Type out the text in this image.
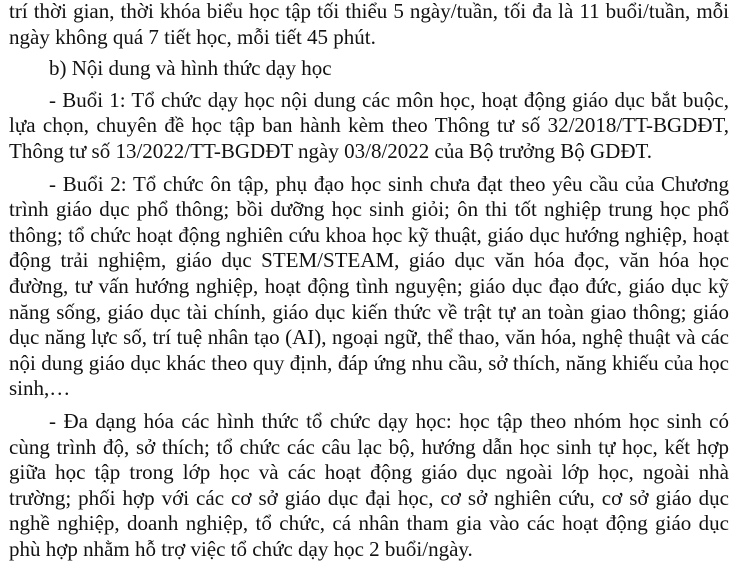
trí thời gian, thời khóa biểu học tập tối thiểu 5 ngày/tuần, tối đa là 11 buổi/tuần, mỗi ngày không quá 7 tiết học, mỗi tiết 45 phút.

b) Nội dung và hình thức dạy học

- Buổi 1: Tổ chức dạy học nội dung các môn học, hoạt động giáo dục bắt buộc, lựa chọn, chuyên đề học tập ban hành kèm theo Thông tư số 32/2018/TT-BGDĐT, Thông tư số 13/2022/TT-BGDĐT ngày 03/8/2022 của Bộ trưởng Bộ GDĐT.

- Buổi 2: Tổ chức ôn tập, phụ đạo học sinh chưa đạt theo yêu cầu của Chương trình giáo dục phổ thông; bồi dưỡng học sinh giỏi; ôn thi tốt nghiệp trung học phổ thông; tổ chức hoạt động nghiên cứu khoa học kỹ thuật, giáo dục hướng nghiệp, hoạt động trải nghiệm, giáo dục STEM/STEAM, giáo dục văn hóa đọc, văn hóa học đường, tư vấn hướng nghiệp, hoạt động tình nguyện; giáo dục đạo đức, giáo dục kỹ năng sống, giáo dục tài chính, giáo dục kiến thức về trật tự an toàn giao thông; giáo dục năng lực số, trí tuệ nhân tạo (AI), ngoại ngữ, thể thao, văn hóa, nghệ thuật và các nội dung giáo dục khác theo quy định, đáp ứng nhu cầu, sở thích, năng khiếu của học sinh,…

- Đa dạng hóa các hình thức tổ chức dạy học: học tập theo nhóm học sinh có cùng trình độ, sở thích; tổ chức các câu lạc bộ, hướng dẫn học sinh tự học, kết hợp giữa học tập trong lớp học và các hoạt động giáo dục ngoài lớp học, ngoài nhà trường; phối hợp với các cơ sở giáo dục đại học, cơ sở nghiên cứu, cơ sở giáo dục nghề nghiệp, doanh nghiệp, tổ chức, cá nhân tham gia vào các hoạt động giáo dục phù hợp nhằm hỗ trợ việc tổ chức dạy học 2 buổi/ngày.
